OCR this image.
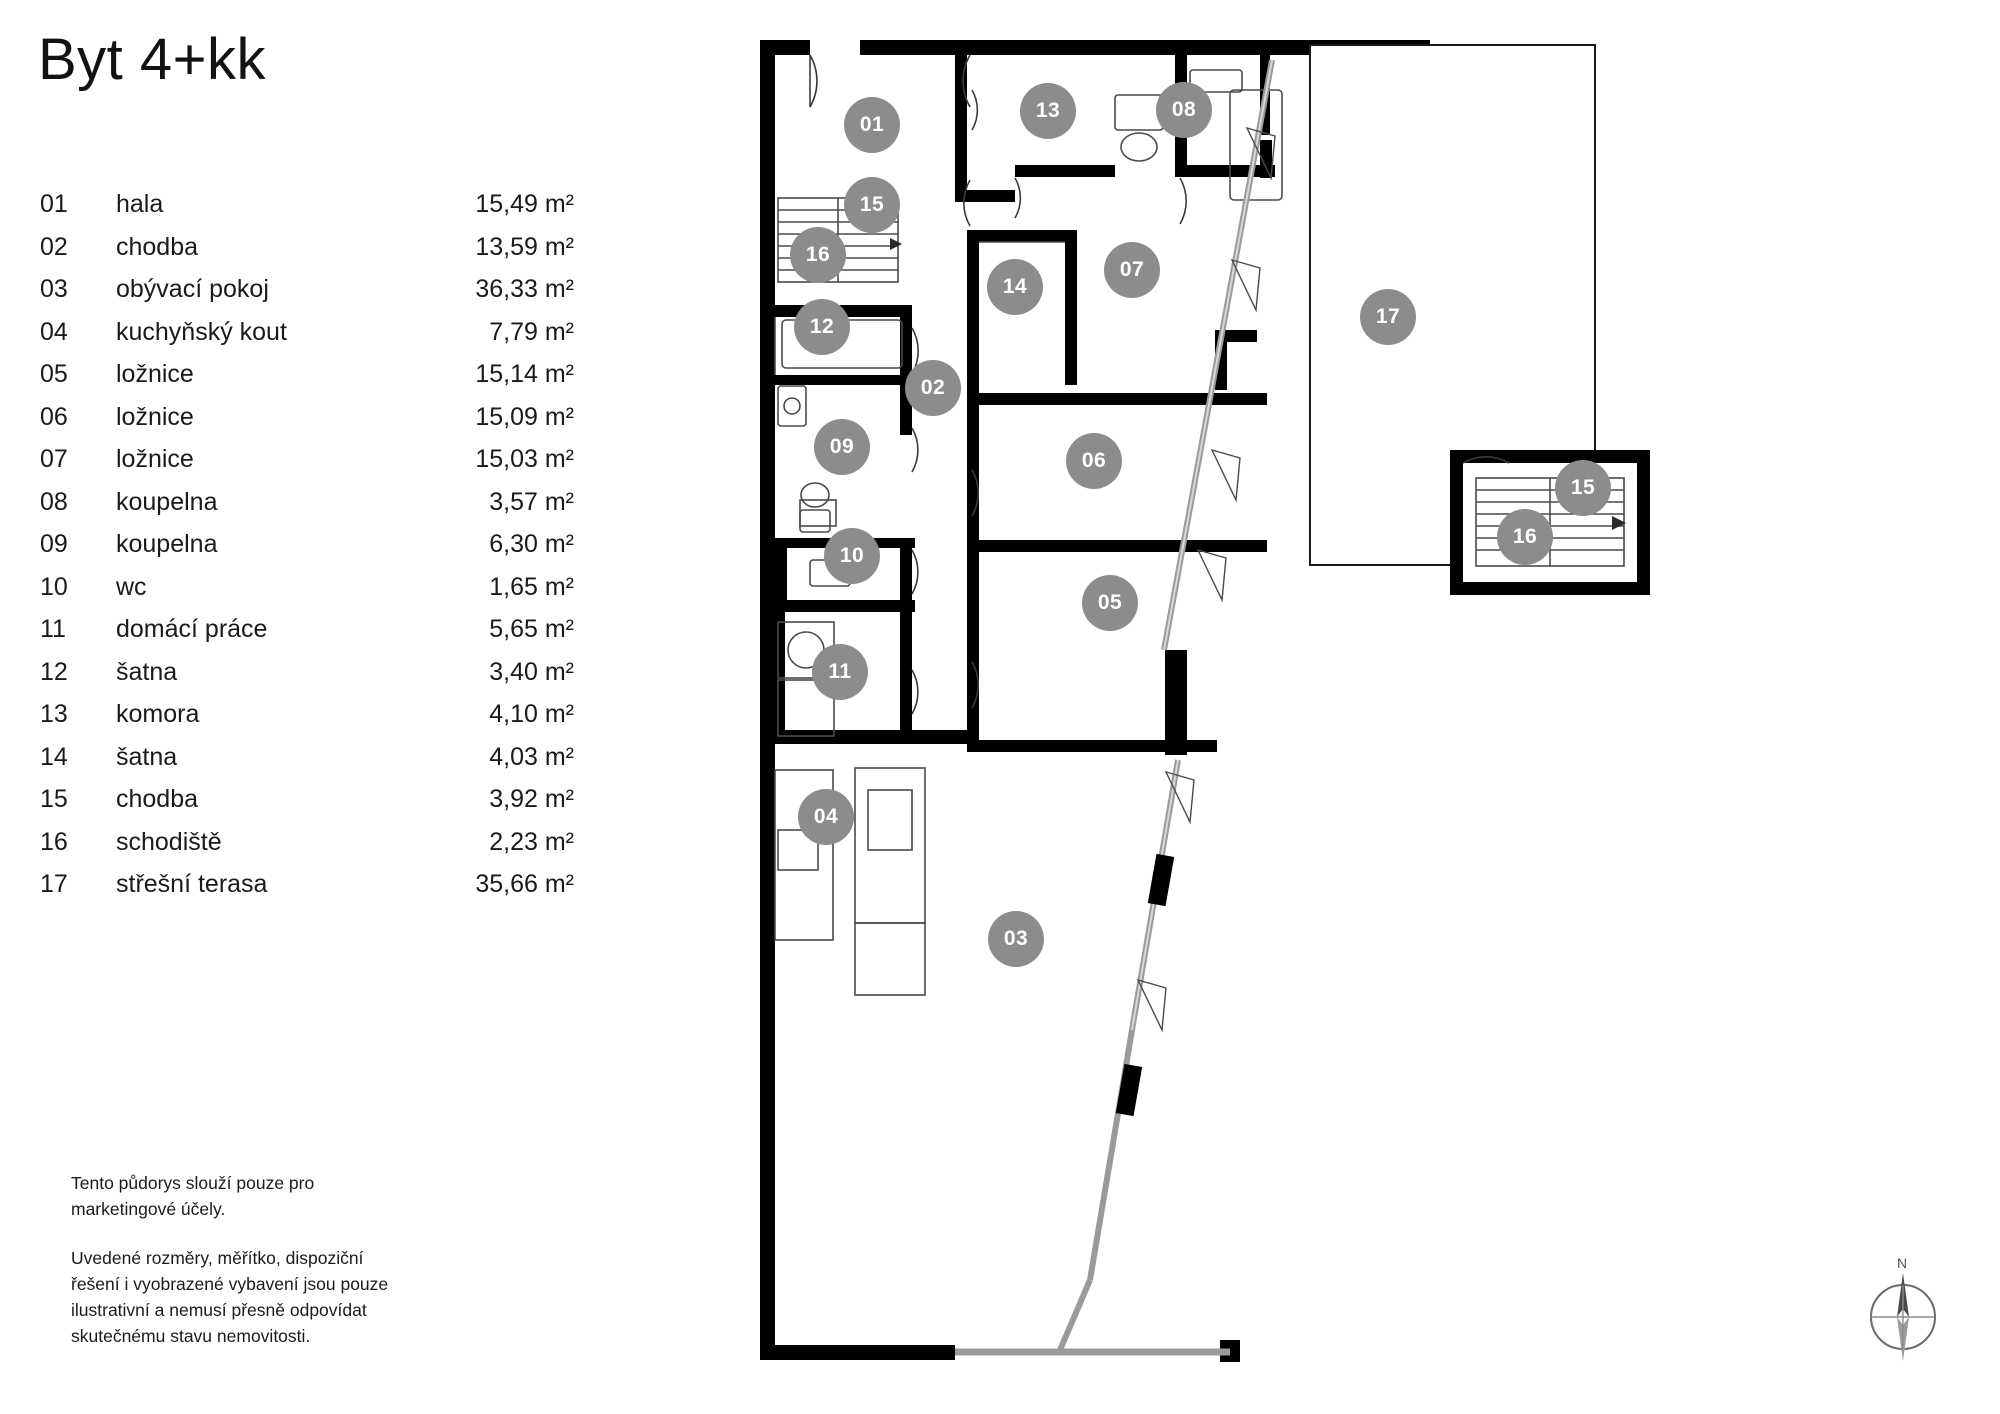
Byt 4+kk
01	hala	15,49 m²
02	chodba	13,59 m²
03	obývací pokoj	36,33 m²
04	kuchyňský kout	7,79 m²
05	ložnice	15,14 m²
06	ložnice	15,09 m²
07	ložnice	15,03 m²
08	koupelna	3,57 m²
09	koupelna	6,30 m²
10	wc	1,65 m²
11	domácí práce	5,65 m²
12	šatna	3,40 m²
13	komora	4,10 m²
14	šatna	4,03 m²
15	chodba	3,92 m²
16	schodiště	2,23 m²
17	střešní terasa	35,66 m²

Tento půdorys slouží pouze pro marketingové účely.

Uvedené rozměry, měřítko, dispoziční řešení i vyobrazené vybavení jsou pouze ilustrativní a nemusí přesně odpovídat skutečnému stavu nemovitosti.

01
13	08
15
16
07
14
12
02
09
06
10
05
11
04
03
17
15
16
N
